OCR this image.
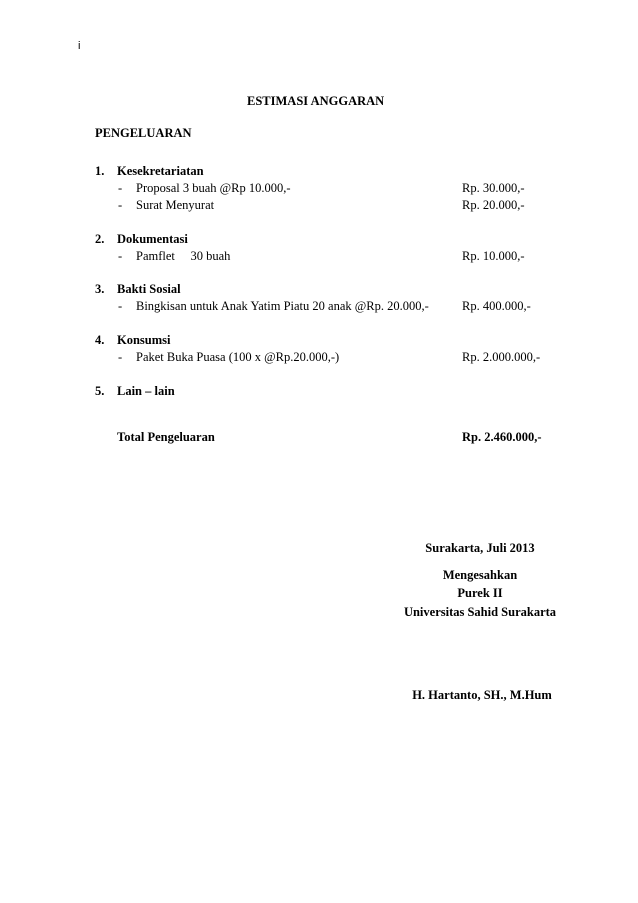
i
ESTIMASI ANGGARAN
PENGELUARAN
1. Kesekretariatan
- Proposal 3 buah @Rp 10.000,-	Rp. 30.000,-
- Surat Menyurat	Rp. 20.000,-
2. Dokumentasi
- Pamflet     30 buah	Rp. 10.000,-
3. Bakti Sosial
- Bingkisan untuk Anak Yatim Piatu 20 anak @Rp. 20.000,-	Rp. 400.000,-
4. Konsumsi
- Paket Buka Puasa (100 x @Rp.20.000,-)	Rp. 2.000.000,-
5. Lain – lain
Total Pengeluaran	Rp. 2.460.000,-
Surakarta, Juli 2013
Mengesahkan
Purek II
Universitas Sahid Surakarta
H. Hartanto, SH., M.Hum
